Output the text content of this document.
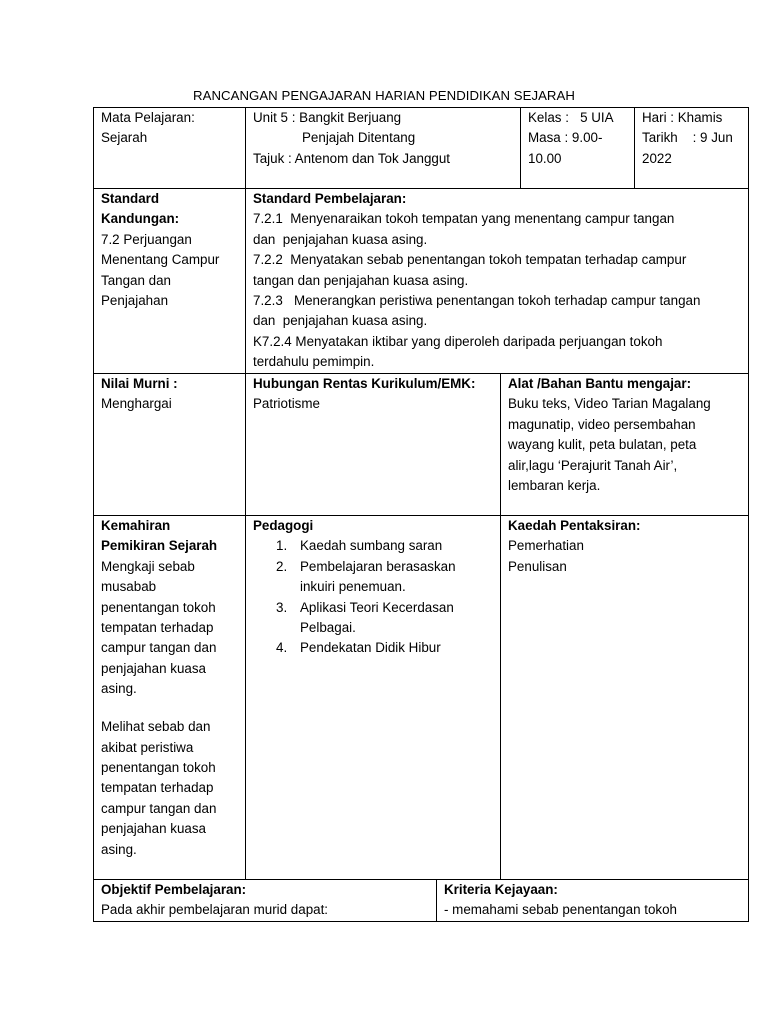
RANCANGAN PENGAJARAN HARIAN PENDIDIKAN SEJARAH
Mata Pelajaran:
Sejarah
Unit 5 : Bangkit Berjuang
Penjajah Ditentang
Tajuk : Antenom dan Tok Janggut
Kelas :   5 UIA
Masa : 9.00-
10.00
Hari : Khamis
Tarikh    : 9 Jun
2022
Standard
Kandungan:
7.2 Perjuangan
Menentang Campur
Tangan dan
Penjajahan
Standard Pembelajaran:
7.2.1  Menyenaraikan tokoh tempatan yang menentang campur tangan
dan  penjajahan kuasa asing.
7.2.2  Menyatakan sebab penentangan tokoh tempatan terhadap campur
tangan dan penjajahan kuasa asing.
7.2.3   Menerangkan peristiwa penentangan tokoh terhadap campur tangan
dan  penjajahan kuasa asing.
K7.2.4 Menyatakan iktibar yang diperoleh daripada perjuangan tokoh
terdahulu pemimpin.
Nilai Murni :
Menghargai
Hubungan Rentas Kurikulum/EMK:
Patriotisme
Alat /Bahan Bantu mengajar:
Buku teks, Video Tarian Magalang
magunatip, video persembahan
wayang kulit, peta bulatan, peta
alir,lagu ‘Perajurit Tanah Air’,
lembaran kerja.
Kemahiran
Pemikiran Sejarah
Mengkaji sebab
musabab
penentangan tokoh
tempatan terhadap
campur tangan dan
penjajahan kuasa
asing.
Melihat sebab dan
akibat peristiwa
penentangan tokoh
tempatan terhadap
campur tangan dan
penjajahan kuasa
asing.
Pedagogi
1. Kaedah sumbang saran
2. Pembelajaran berasaskan
inkuiri penemuan.
3. Aplikasi Teori Kecerdasan
Pelbagai.
4. Pendekatan Didik Hibur
Kaedah Pentaksiran:
Pemerhatian
Penulisan
Objektif Pembelajaran:
Pada akhir pembelajaran murid dapat:
Kriteria Kejayaan:
- memahami sebab penentangan tokoh
